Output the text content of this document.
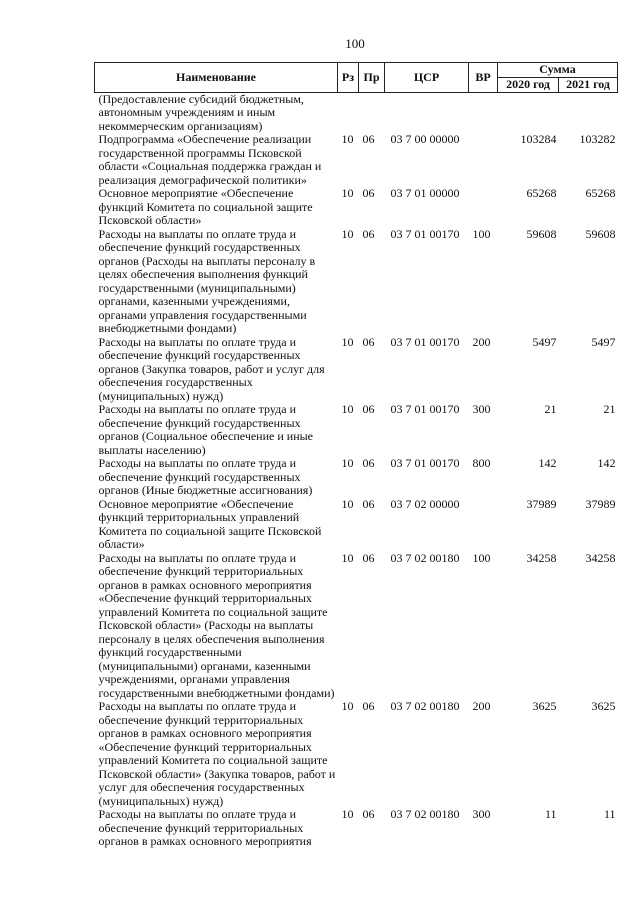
100
Наименование	Рз	Пр	ЦСР	ВР	Сумма	
					2020 год	2021 год
(Предоставление субсидий бюджетным, автономным учреждениям и иным некоммерческим организациям)						
Подпрограмма «Обеспечение реализации государственной программы Псковской области «Социальная поддержка граждан и реализация демографической политики»	10	06	03 7 00 00000		103284	103282
Основное мероприятие «Обеспечение функций Комитета по социальной защите Псковской области»	10	06	03 7 01 00000		65268	65268
Расходы на выплаты по оплате труда и обеспечение функций государственных органов (Расходы на выплаты персоналу в целях обеспечения выполнения функций государственными (муниципальными) органами, казенными учреждениями, органами управления государственными внебюджетными фондами)	10	06	03 7 01 00170	100	59608	59608
Расходы на выплаты по оплате труда и обеспечение функций государственных органов (Закупка товаров, работ и услуг для обеспечения государственных (муниципальных) нужд)	10	06	03 7 01 00170	200	5497	5497
Расходы на выплаты по оплате труда и обеспечение функций государственных органов (Социальное обеспечение и иные выплаты населению)	10	06	03 7 01 00170	300	21	21
Расходы на выплаты по оплате труда и обеспечение функций государственных органов (Иные бюджетные ассигнования)	10	06	03 7 01 00170	800	142	142
Основное мероприятие «Обеспечение функций территориальных управлений Комитета по социальной защите Псковской области»	10	06	03 7 02 00000		37989	37989
Расходы на выплаты по оплате труда и обеспечение функций территориальных органов в рамках основного мероприятия «Обеспечение функций территориальных управлений Комитета по социальной защите Псковской области» (Расходы на выплаты персоналу в целях обеспечения выполнения функций государственными (муниципальными) органами, казенными учреждениями, органами управления государственными внебюджетными фондами)	10	06	03 7 02 00180	100	34258	34258
Расходы на выплаты по оплате труда и обеспечение функций территориальных органов в рамках основного мероприятия «Обеспечение функций территориальных управлений Комитета по социальной защите Псковской области» (Закупка товаров, работ и услуг для обеспечения государственных (муниципальных) нужд)	10	06	03 7 02 00180	200	3625	3625
Расходы на выплаты по оплате труда и обеспечение функций территориальных органов в рамках основного мероприятия	10	06	03 7 02 00180	300	11	11
